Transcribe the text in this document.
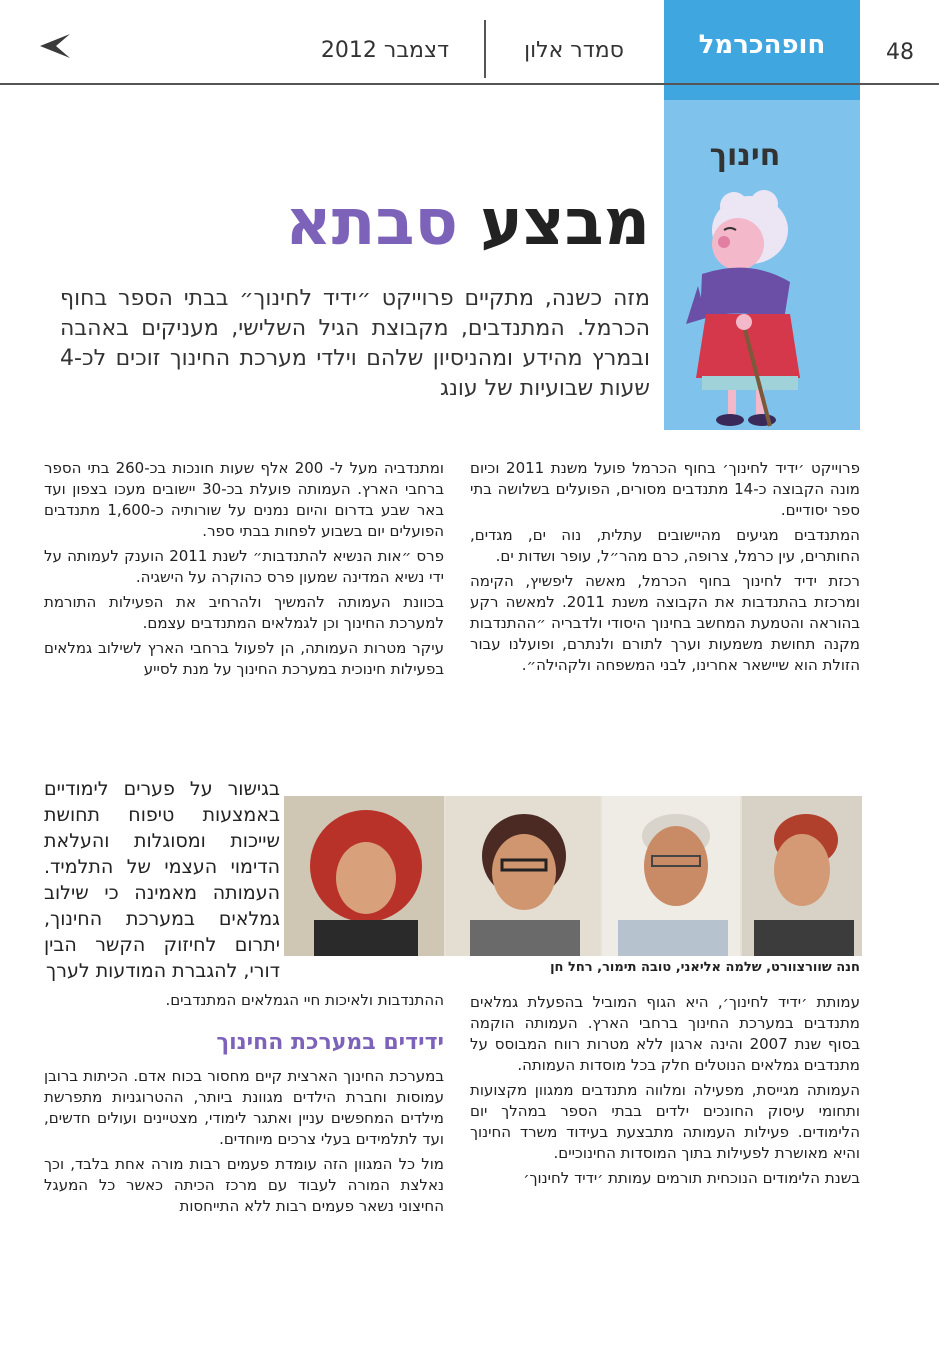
48
חופהכרמל
סמדר אלון
דצמבר 2012
חינוך
מבצע סבתא
מזה כשנה, מתקיים פרוייקט ״ידיד לחינוך״ בבתי הספר בחוף הכרמל. המתנדבים, מקבוצת הגיל השלישי, מעניקים באהבה ובמרץ מהידע ומהניסיון שלהם וילדי מערכת החינוך זוכים לכ-4 שעות שבועיות של עונג

פרוייקט ׳ידיד לחינוך׳ בחוף הכרמל פועל משנת 2011 וכיום מונה הקבוצה כ-14 מתנדבים מסורים, הפועלים בשלושה בתי ספר יסודיים.

המתנדבים מגיעים מהיישובים עתלית, נוה ים, מגדים, החותרים, עין כרמל, צרופה, כרם מהר״ל, עופר ושדות ים.

רכזת ידיד לחינוך בחוף הכרמל, מאשה ליפשיץ, הקימה ומרכזת בהתנדבות את הקבוצה משנת 2011. למאשה רקע בהוראה והטמעת המחשב בחינוך היסודי ולדבריה ״ההתנדבות מקנה תחושת משמעות וערך לתורם ולנתרם, ופועלנו עבור הזולת הוא שיישאר אחרינו, לבני המשפחה ולקהילה״.

ומתנדביה מעל ל- 200 אלף שעות חונכות בכ-260 בתי הספר ברחבי הארץ. העמותה פועלת בכ-30 יישובים מעכו בצפון ועד באר שבע בדרום והיום נמנים על שורותיה כ-1,600 מתנדבים הפועלים יום בשבוע לפחות בבתי ספר.

פרס ״אות הנשיא להתנדבות״ לשנת 2011 הוענק לעמותה על ידי נשיא המדינה שמעון פרס כהוקרה על הישגיה.

בכוונת העמותה להמשיך ולהרחיב את הפעילות התורמת למערכת החינוך וכן לגמלאים המתנדבים עצמם.

עיקר מטרות העמותה, הן לפעול ברחבי הארץ לשילוב גמלאים בפעילות חינוכית במערכת החינוך על מנת לסייע

בגישור על פערים לימודיים באמצעות טיפוח תחושת שייכות ומסוגלות והעלאת הדימוי העצמי של התלמיד. העמותה מאמינה כי שילוב גמלאים במערכת החינוך, יתרום לחיזוק הקשר הבין דורי, להגברת המודעות לערך	חנה שוורצוורט, שלמה אליאני, טובה תימור, רחל חן
ההתנדבות ולאיכות חיי הגמלאים המתנדבים.
ידידים במערכת החינוך

במערכת החינוך הארצית קיים מחסור בכוח אדם. הכיתות ברובן עמוסות וחברת הילדים מגוונת ביותר, ההטרוגניות מתפרשת מילדים המחפשים עניין ואתגר לימודי, מצטיינים ועולים חדשים, ועד לתלמידים בעלי צרכים מיוחדים.

מול כל המגוון הזה עומדת פעמים רבות מורה אחת בלבד, וכך נאלצת המורה לעבוד עם מרכז הכיתה כאשר כל המעגל החיצוני נשאר פעמים רבות ללא התייחסות

עמותת ׳ידיד לחינוך׳, היא הגוף המוביל בהפעלת גמלאים מתנדבים במערכת החינוך ברחבי הארץ. העמותה הוקמה בסוף שנת 2007 והינה ארגון ללא מטרות רווח המבוסס על מתנדבים גמלאים הנוטלים חלק בכל מוסדות העמותה.

העמותה מגייסת, מפעילה ומלווה מתנדבים ממגוון מקצועות ותחומי עיסוק החונכים ילדים בבתי הספר במהלך יום הלימודים. פעילות העמותה מתבצעת בעידוד משרד החינוך והיא מאושרת לפעילות בתוך המוסדות החינוכיים.

בשנת הלימודים הנוכחית תורמים עמותת ׳ידיד לחינוך׳
